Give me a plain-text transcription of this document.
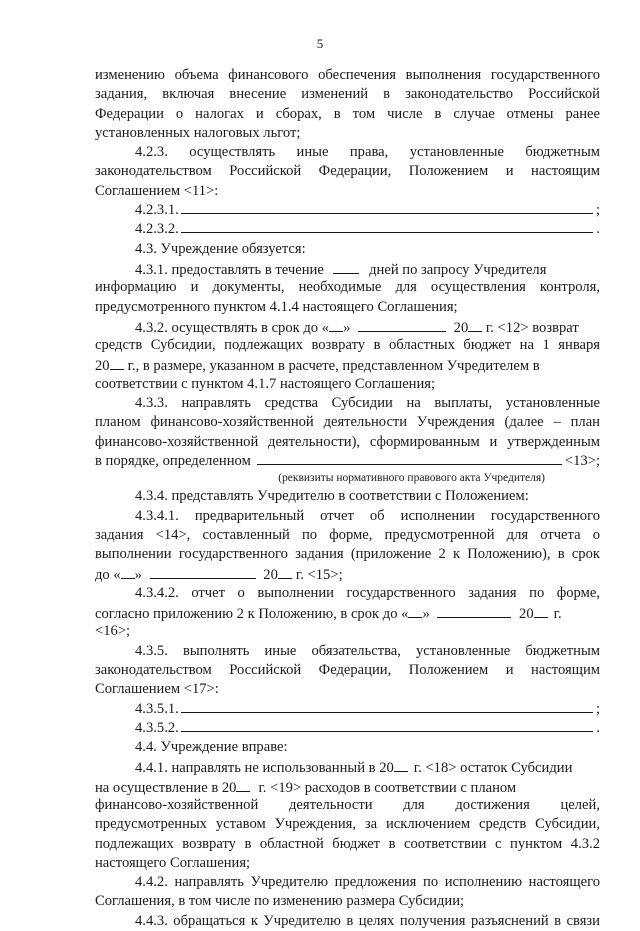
5
изменению объема финансового обеспечения выполнения государственного
задания, включая внесение изменений в законодательство Российской
Федерации о налогах и сборах, в том числе в случае отмены ранее
установленных налоговых льгот;
4.2.3. осуществлять иные права, установленные бюджетным
законодательством Российской Федерации, Положением и настоящим
Соглашением <11>:
4.2.3.1.	;
4.2.3.2.	.
4.3. Учреждение обязуется:
4.3.1. предоставлять в течение	дней по запросу Учредителя
информацию и документы, необходимые для осуществления контроля,
предусмотренного пунктом 4.1.4 настоящего Соглашения;
4.3.2. осуществлять в срок до « »	20 г. <12> возврат
средств Субсидии, подлежащих возврату в областных бюджет на 1 января
20 г., в размере, указанном в расчете, представленном Учредителем в
соответствии с пунктом 4.1.7 настоящего Соглашения;
4.3.3. направлять средства Субсидии на выплаты, установленные
планом финансово-хозяйственной деятельности Учреждения (далее – план
финансово-хозяйственной деятельности), сформированным и утвержденным
в порядке, определенном	<13>;
(реквизиты нормативного правового акта Учредителя)
4.3.4. представлять Учредителю в соответствии с Положением:
4.3.4.1. предварительный отчет об исполнении государственного
задания <14>, составленный по форме, предусмотренной для отчета о
выполнении государственного задания (приложение 2 к Положению), в срок
до « »	20 г. <15>;
4.3.4.2. отчет о выполнении государственного задания по форме,
согласно приложению 2 к Положению, в срок до « »	20 г.
<16>;
4.3.5. выполнять иные обязательства, установленные бюджетным
законодательством Российской Федерации, Положением и настоящим
Соглашением <17>:
4.3.5.1.	;
4.3.5.2.	.
4.4. Учреждение вправе:
4.4.1. направлять не использованный в 20 г. <18> остаток Субсидии
на осуществление в 20 г. <19> расходов в соответствии с планом
финансово-хозяйственной деятельности для достижения целей,
предусмотренных уставом Учреждения, за исключением средств Субсидии,
подлежащих возврату в областной бюджет в соответствии с пунктом 4.3.2
настоящего Соглашения;
4.4.2. направлять Учредителю предложения по исполнению настоящего
Соглашения, в том числе по изменению размера Субсидии;
4.4.3. обращаться к Учредителю в целях получения разъяснений в связи
